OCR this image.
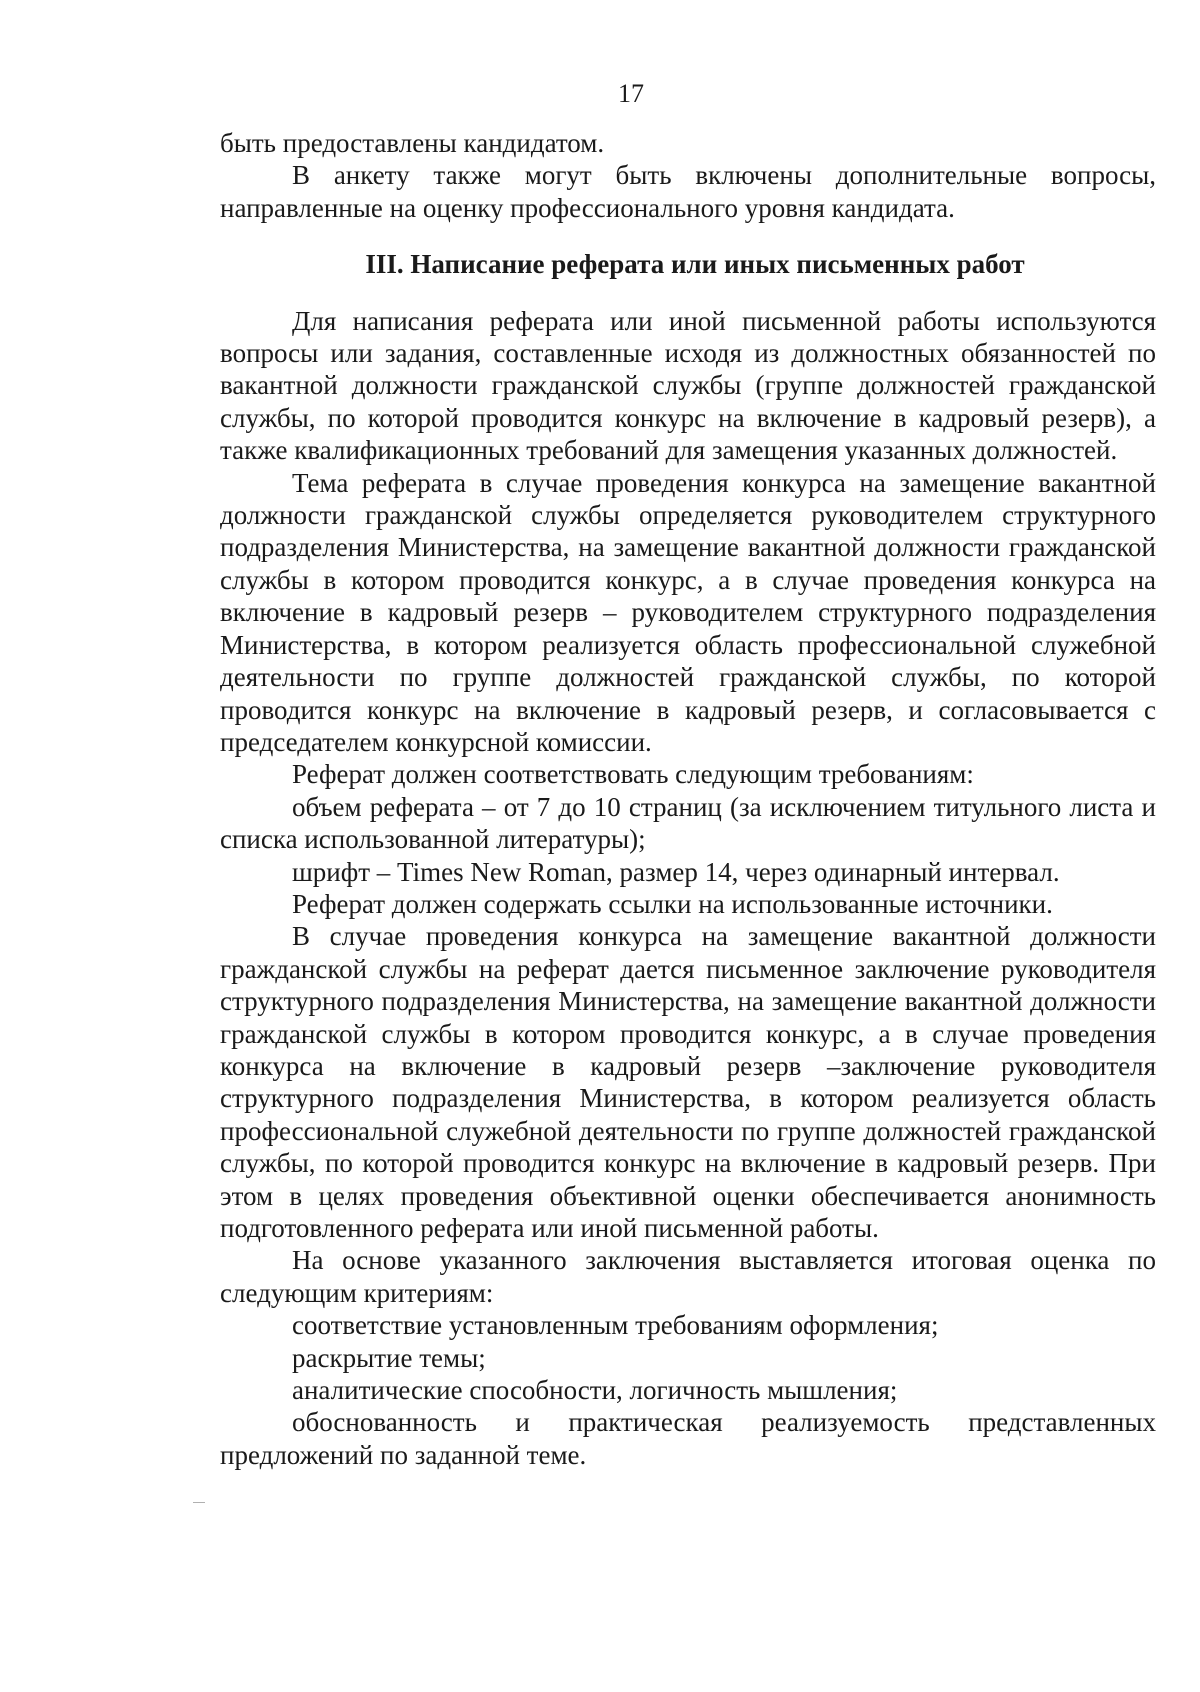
17

быть предоставлены кандидатом.

В анкету также могут быть включены дополнительные вопросы, направленные на оценку профессионального уровня кандидата.

III. Написание реферата или иных письменных работ

Для написания реферата или иной письменной работы используются вопросы или задания, составленные исходя из должностных обязанностей по вакантной должности гражданской службы (группе должностей гражданской службы, по которой проводится конкурс на включение в кадровый резерв), а также квалификационных требований для замещения указанных должностей.

Тема реферата в случае проведения конкурса на замещение вакантной должности гражданской службы определяется руководителем структурного подразделения Министерства, на замещение вакантной должности гражданской службы в котором проводится конкурс, а в случае проведения конкурса на включение в кадровый резерв – руководителем структурного подразделения Министерства, в котором реализуется область профессиональной служебной деятельности по группе должностей гражданской службы, по которой проводится конкурс на включение в кадровый резерв, и согласовывается с председателем конкурсной комиссии.

Реферат должен соответствовать следующим требованиям:

объем реферата – от 7 до 10 страниц (за исключением титульного листа и списка использованной литературы);

шрифт – Times New Roman, размер 14, через одинарный интервал.

Реферат должен содержать ссылки на использованные источники.

В случае проведения конкурса на замещение вакантной должности гражданской службы на реферат дается письменное заключение руководителя структурного подразделения Министерства, на замещение вакантной должности гражданской службы в котором проводится конкурс, а в случае проведения конкурса на включение в кадровый резерв –заключение руководителя структурного подразделения Министерства, в котором реализуется область профессиональной служебной деятельности по группе должностей гражданской службы, по которой проводится конкурс на включение в кадровый резерв. При этом в целях проведения объективной оценки обеспечивается анонимность подготовленного реферата или иной письменной работы.

На основе указанного заключения выставляется итоговая оценка по следующим критериям:

соответствие установленным требованиям оформления;

раскрытие темы;

аналитические способности, логичность мышления;

обоснованность и практическая реализуемость представленных предложений по заданной теме.
